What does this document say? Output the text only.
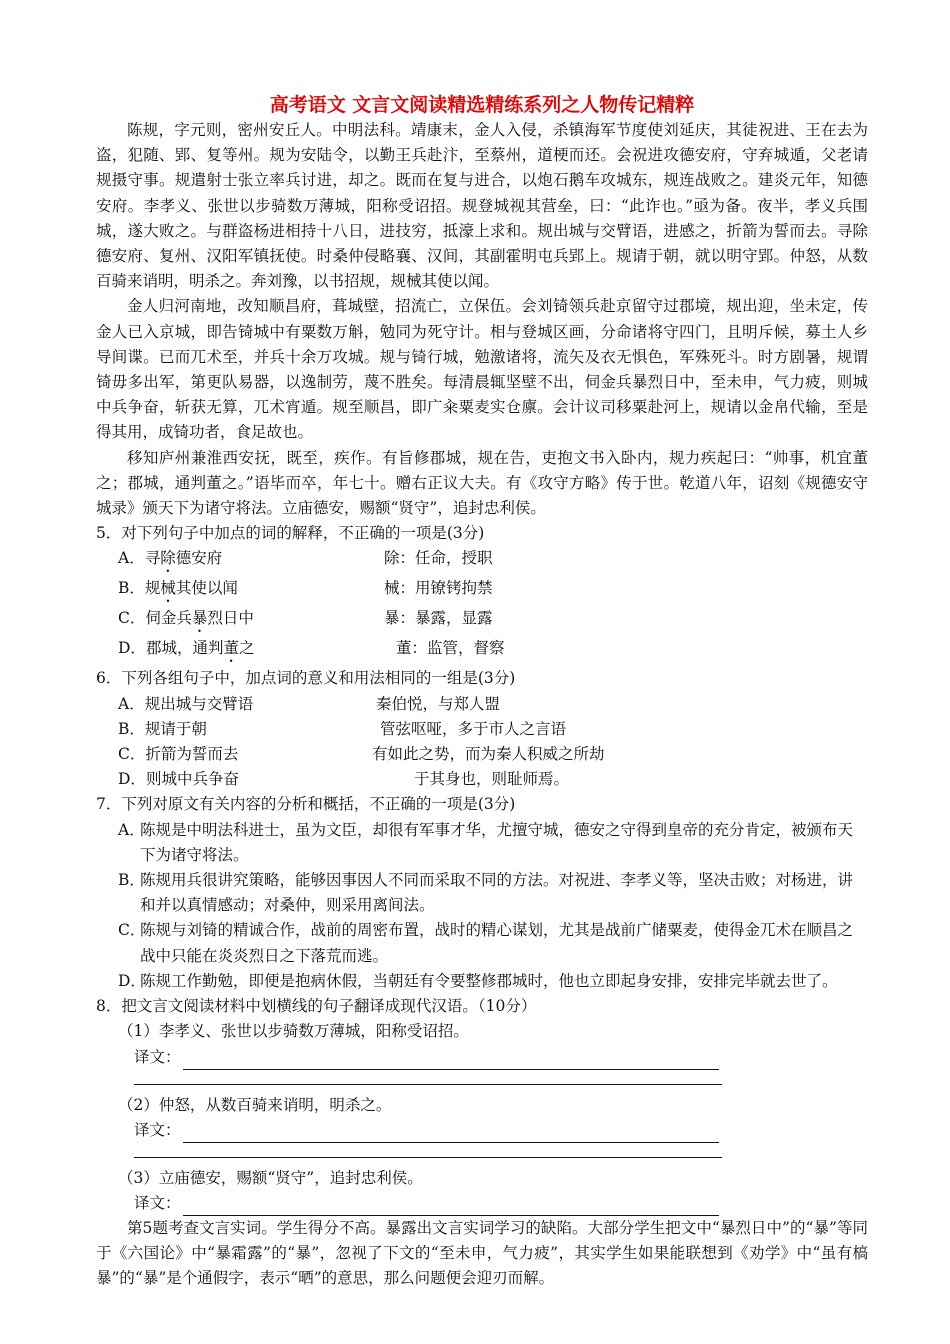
高考语文 文言文阅读精选精练系列之人物传记精粹

陈规，字元则，密州安丘人。中明法科。靖康末，金人入侵，杀镇海军节度使刘延庆，其徒祝进、王在去为盗，犯随、郢、复等州。规为安陆令，以勤王兵赴汴，至蔡州，道梗而还。会祝进攻德安府，守弃城遁，父老请规摄守事。规遣射士张立率兵讨进，却之。既而在复与进合，以炮石鹅车攻城东，规连战败之。建炎元年，知德安府。李孝义、张世以步骑数万薄城，阳称受诏招。规登城视其营垒，曰：“此诈也。”亟为备。夜半，孝义兵围城，遂大败之。与群盗杨进相持十八日，进技穷，抵濠上求和。规出城与交臂语，进感之，折箭为誓而去。寻除德安府、复州、汉阳军镇抚使。时桑仲侵略襄、汉间，其副霍明屯兵郢上。规请于朝，就以明守郢。仲怒，从数百骑来诮明，明杀之。奔刘豫，以书招规，规械其使以闻。

金人归河南地，改知顺昌府，葺城壁，招流亡，立保伍。会刘锜领兵赴京留守过郡境，规出迎，坐未定，传金人已入京城，即告锜城中有粟数万斛，勉同为死守计。相与登城区画，分命诸将守四门，且明斥候，募土人乡导间谍。已而兀术至，并兵十余万攻城。规与锜行城，勉激诸将，流矢及衣无惧色，军殊死斗。时方剧暑，规谓锜毋多出军，第更队易器，以逸制劳，蔑不胜矣。每清晨辄坚壁不出，伺金兵暴烈日中，至未申，气力疲，则城中兵争奋，斩获无算，兀术宵遁。规至顺昌，即广籴粟麦实仓廪。会计议司移粟赴河上，规请以金帛代输，至是得其用，成锜功者，食足故也。

移知庐州兼淮西安抚，既至，疾作。有旨修郡城，规在告，吏抱文书入卧内，规力疾起曰：“帅事，机宜董之；郡城，通判董之。”语毕而卒，年七十。赠右正议大夫。有《攻守方略》传于世。乾道八年，诏刻《规德安守城录》颁天下为诸守将法。立庙德安，赐额“贤守”，追封忠利侯。

5．对下列句子中加点的词的解释，不正确的一项是(3分)
A．寻除德安府	除：任命，授职
B．规械其使以闻	械：用镣铐拘禁
C．伺金兵暴烈日中	暴：暴露，显露
D．郡城，通判董之	董：监管，督察
6．下列各组句子中，加点词的意义和用法相同的一组是(3分)
A．规出城与交臂语	秦伯悦，与郑人盟
B．规请于朝	管弦呕哑，多于市人之言语
C．折箭为誓而去	有如此之势，而为秦人积威之所劫
D．则城中兵争奋	于其身也，则耻师焉。
7．下列对原文有关内容的分析和概括，不正确的一项是(3分)
A．
陈规是中明法科进士，虽为文臣，却很有军事才华，尤擅守城，德安之守得到皇帝的充分肯定，被颁布天下为诸守将法。
B．
陈规用兵很讲究策略，能够因事因人不同而采取不同的方法。对祝进、李孝义等，坚决击败；对杨进，讲和并以真情感动；对桑仲，则采用离间法。
C．
陈规与刘锜的精诚合作，战前的周密布置，战时的精心谋划，尤其是战前广储粟麦，使得金兀术在顺昌之战中只能在炎炎烈日之下落荒而逃。
D．
陈规工作勤勉，即便是抱病休假，当朝廷有令要整修郡城时，他也立即起身安排，安排完毕就去世了。
8．把文言文阅读材料中划横线的句子翻译成现代汉语。（10分）
（1）李孝义、张世以步骑数万薄城，阳称受诏招。
译文：
（2）仲怒，从数百骑来诮明，明杀之。
译文：
（3）立庙德安，赐额“贤守”，追封忠利侯。
译文：

第5题考查文言实词。学生得分不高。暴露出文言实词学习的缺陷。大部分学生把文中“暴烈日中”的“暴”等同于《六国论》中“暴霜露”的“暴”，忽视了下文的“至未申，气力疲”，其实学生如果能联想到《劝学》中“虽有槁暴”的“暴”是个通假字，表示“晒”的意思，那么问题便会迎刃而解。
